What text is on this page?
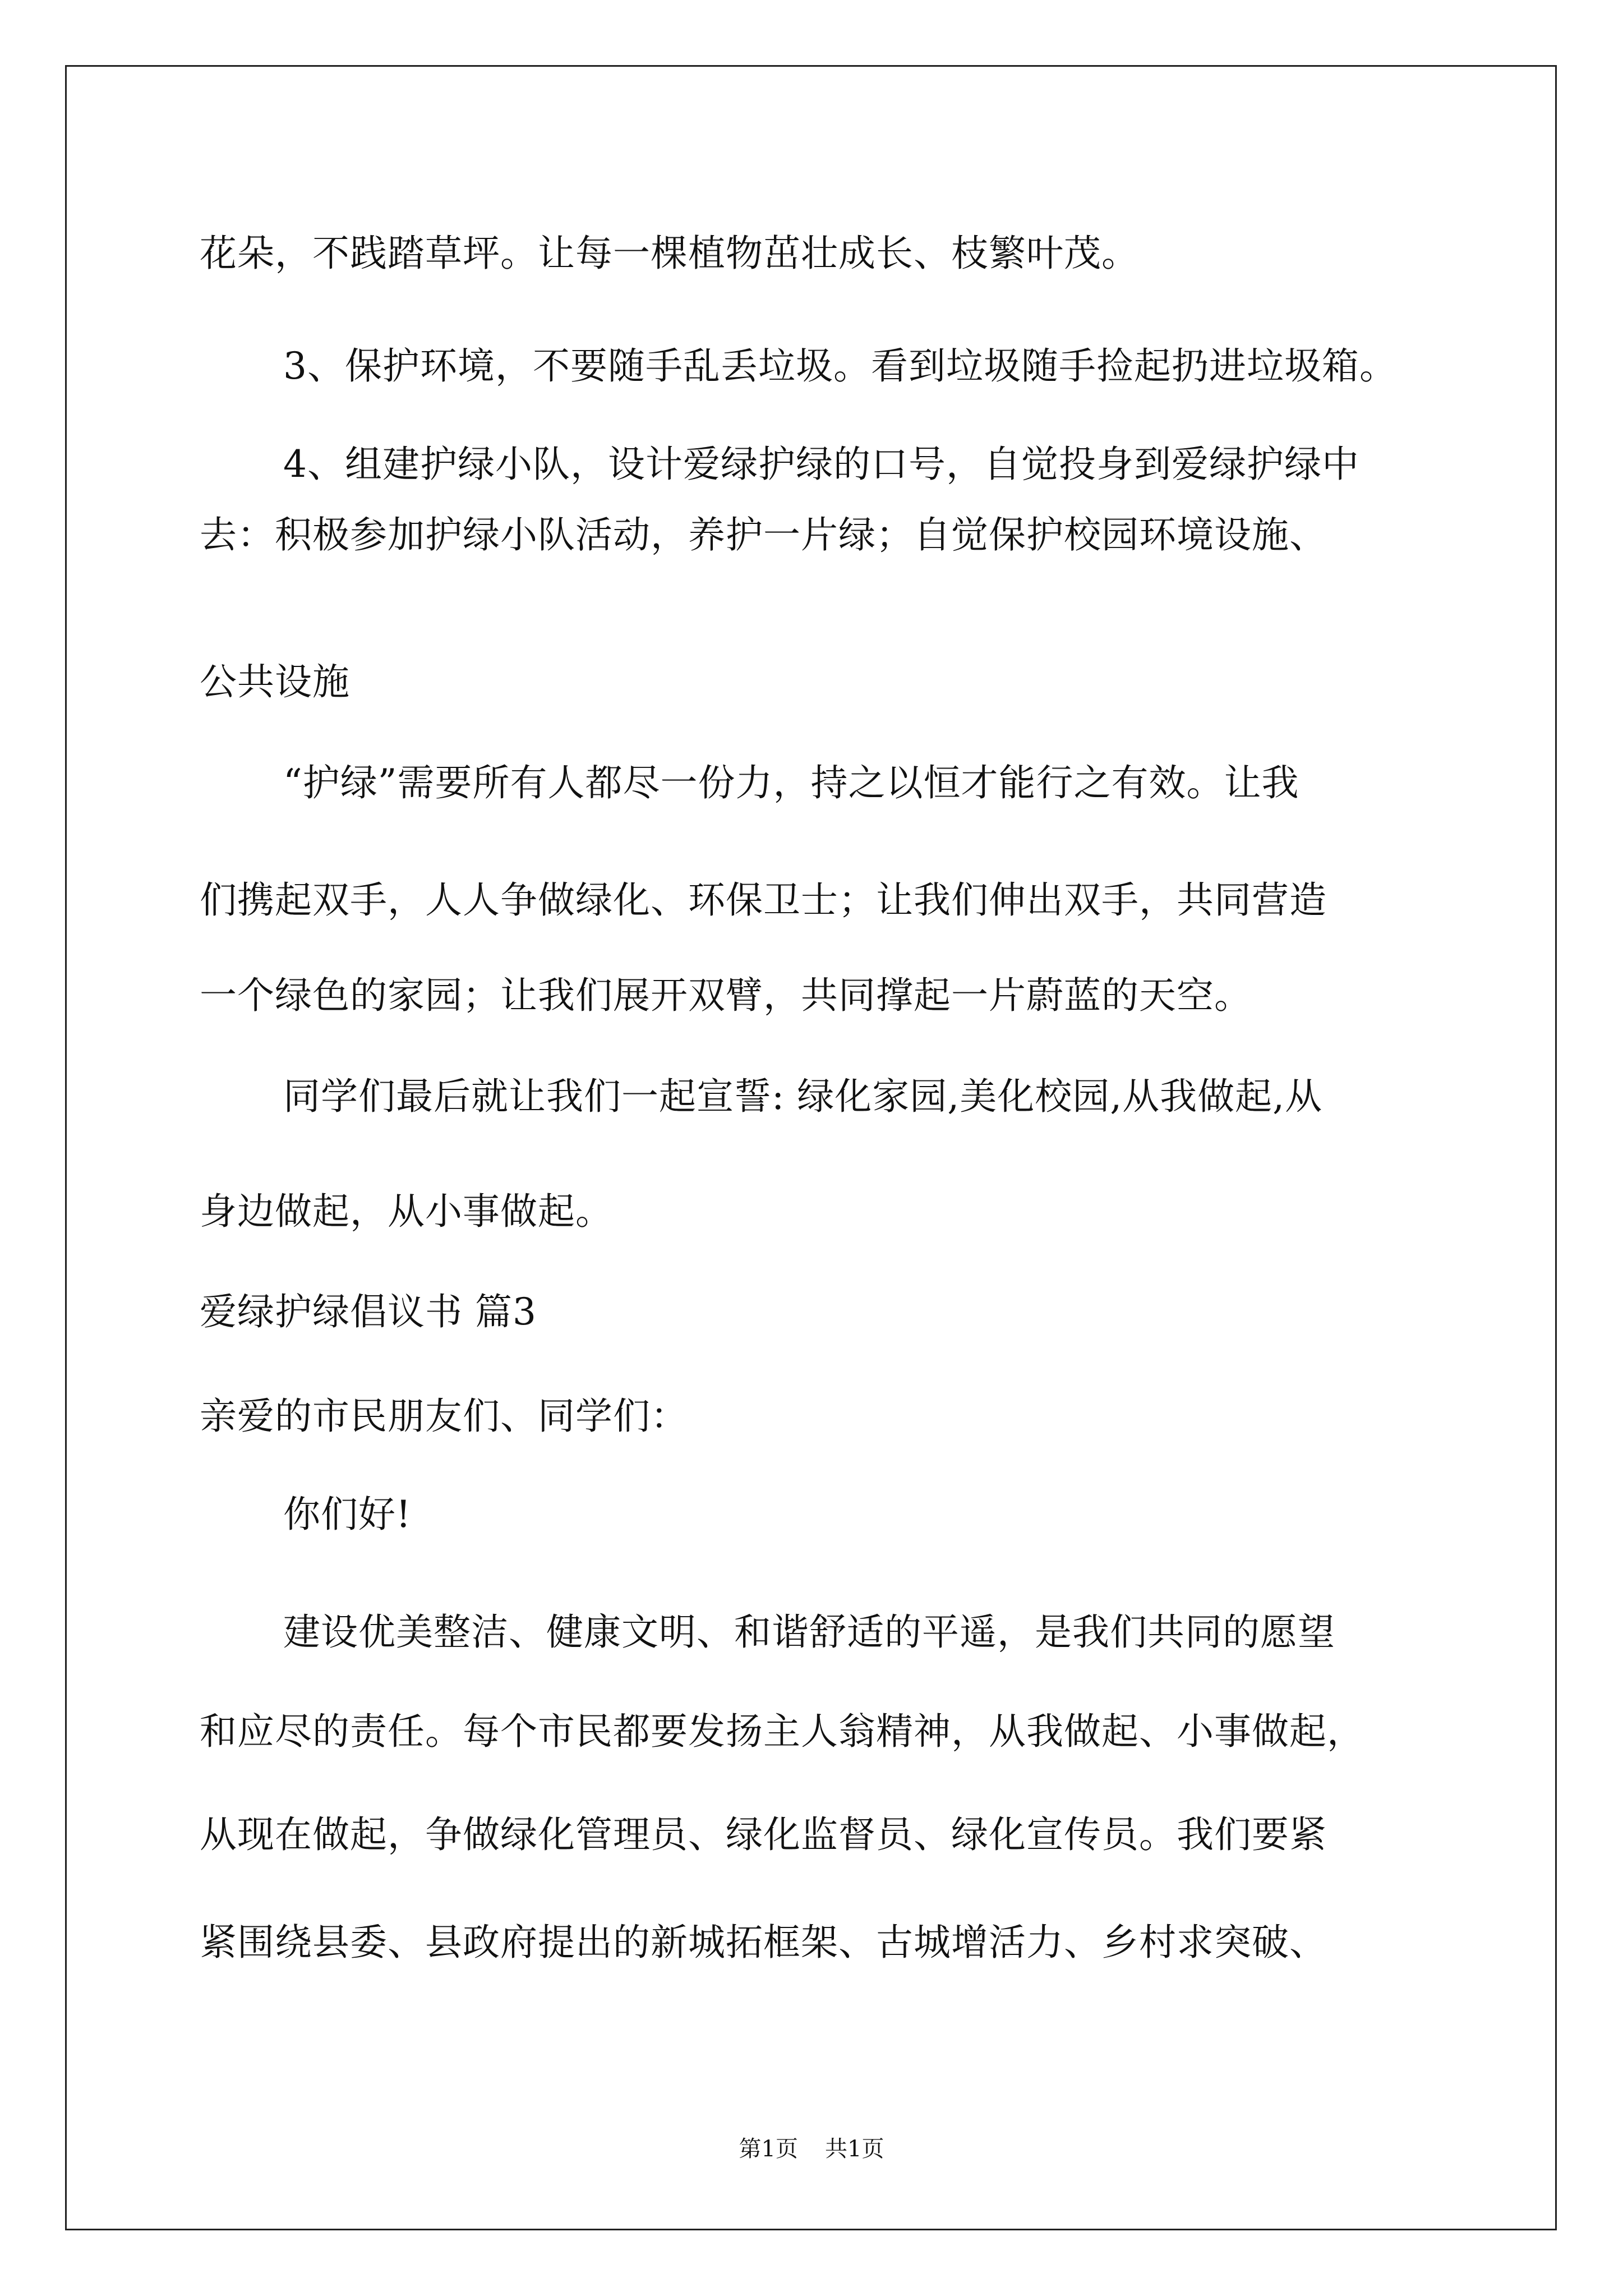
花朵，不践踏草坪。让每一棵植物茁壮成长、枝繁叶茂。
3、保护环境，不要随手乱丢垃圾。看到垃圾随手捡起扔进垃圾箱。
4、组建护绿小队，设计爱绿护绿的口号，自觉投身到爱绿护绿中
去：积极参加护绿小队活动，养护一片绿；自觉保护校园环境设施、
公共设施
“护绿”需要所有人都尽一份力，持之以恒才能行之有效。让我
们携起双手，人人争做绿化、环保卫士；让我们伸出双手，共同营造
一个绿色的家园；让我们展开双臂，共同撑起一片蔚蓝的天空。
同学们最后就让我们一起宣誓: 绿化家园,美化校园,从我做起,从
身边做起，从小事做起。
爱绿护绿倡议书 篇3
亲爱的市民朋友们、同学们：
你们好!
建设优美整洁、健康文明、和谐舒适的平遥，是我们共同的愿望
和应尽的责任。每个市民都要发扬主人翁精神，从我做起、小事做起，
从现在做起，争做绿化管理员、绿化监督员、绿化宣传员。我们要紧
紧围绕县委、县政府提出的新城拓框架、古城增活力、乡村求突破、
第1页 共1页
